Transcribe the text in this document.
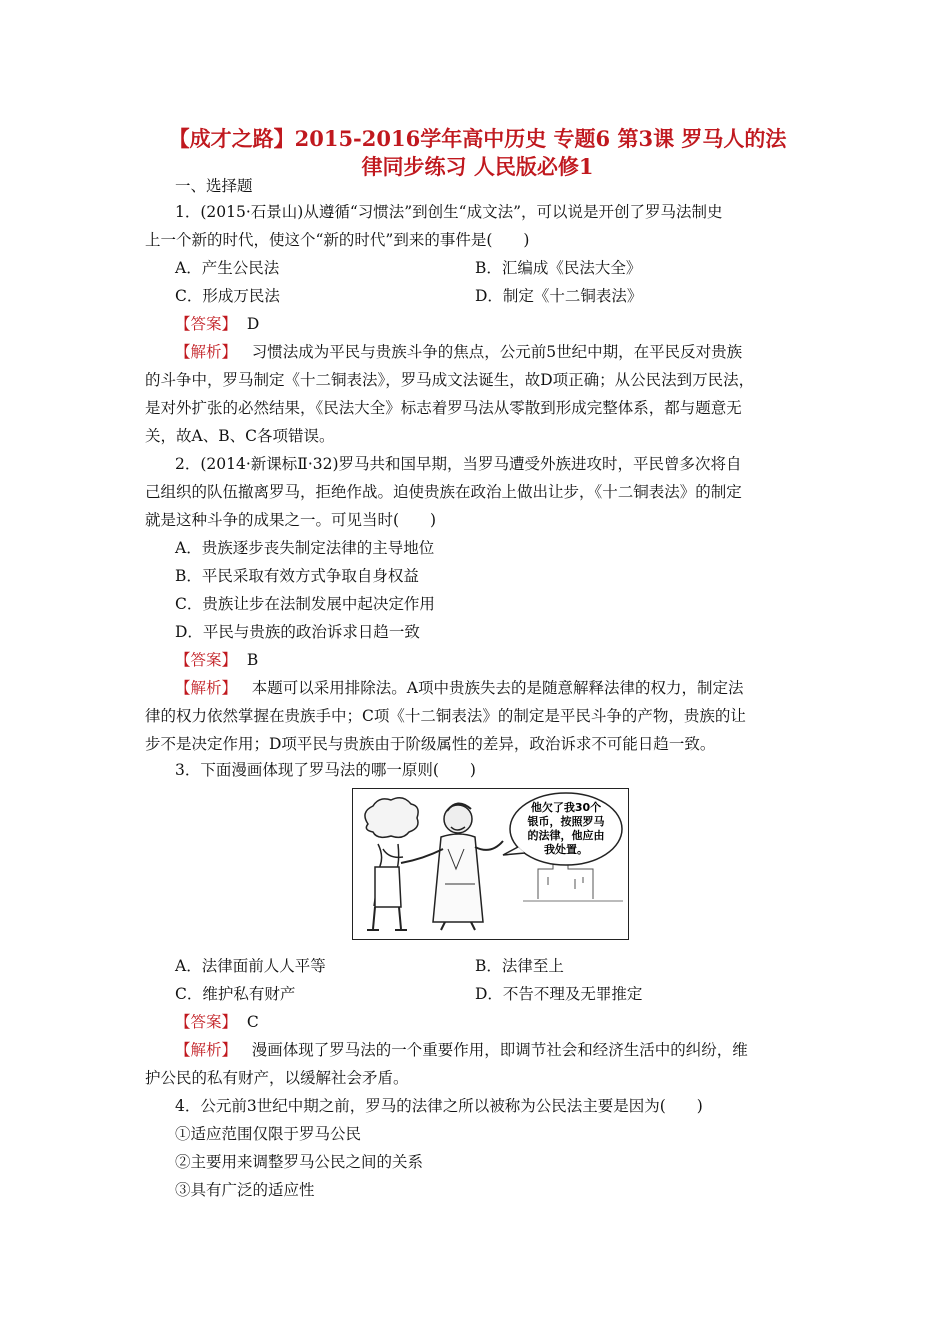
【成才之路】2015-2016学年高中历史 专题6 第3课 罗马人的法
律同步练习 人民版必修1
一、选择题
1．(2015·石景山)从遵循“习惯法”到创生“成文法”，可以说是开创了罗马法制史
上一个新的时代，使这个“新的时代”到来的事件是(　　)
A．产生公民法	B．汇编成《民法大全》
C．形成万民法	D．制定《十二铜表法》
【答案】 D
【解析】 习惯法成为平民与贵族斗争的焦点，公元前5世纪中期，在平民反对贵族
的斗争中，罗马制定《十二铜表法》，罗马成文法诞生，故D项正确；从公民法到万民法，
是对外扩张的必然结果，《民法大全》标志着罗马法从零散到形成完整体系，都与题意无
关，故A、B、C各项错误。
2．(2014·新课标Ⅱ·32)罗马共和国早期，当罗马遭受外族进攻时，平民曾多次将自
己组织的队伍撤离罗马，拒绝作战。迫使贵族在政治上做出让步，《十二铜表法》的制定
就是这种斗争的成果之一。可见当时(　　)
A．贵族逐步丧失制定法律的主导地位
B．平民采取有效方式争取自身权益
C．贵族让步在法制发展中起决定作用
D．平民与贵族的政治诉求日趋一致
【答案】 B
【解析】 本题可以采用排除法。A项中贵族失去的是随意解释法律的权力，制定法
律的权力依然掌握在贵族手中；C项《十二铜表法》的制定是平民斗争的产物，贵族的让
步不是决定作用；D项平民与贵族由于阶级属性的差异，政治诉求不可能日趋一致。
3．下面漫画体现了罗马法的哪一原则(　　)
他欠了我30个
银币，按照罗马
的法律，他应由
我处置。
A．法律面前人人平等	B．法律至上
C．维护私有财产	D．不告不理及无罪推定
【答案】 C
【解析】 漫画体现了罗马法的一个重要作用，即调节社会和经济生活中的纠纷，维
护公民的私有财产，以缓解社会矛盾。
4．公元前3世纪中期之前，罗马的法律之所以被称为公民法主要是因为(　　)
①适应范围仅限于罗马公民
②主要用来调整罗马公民之间的关系
③具有广泛的适应性
